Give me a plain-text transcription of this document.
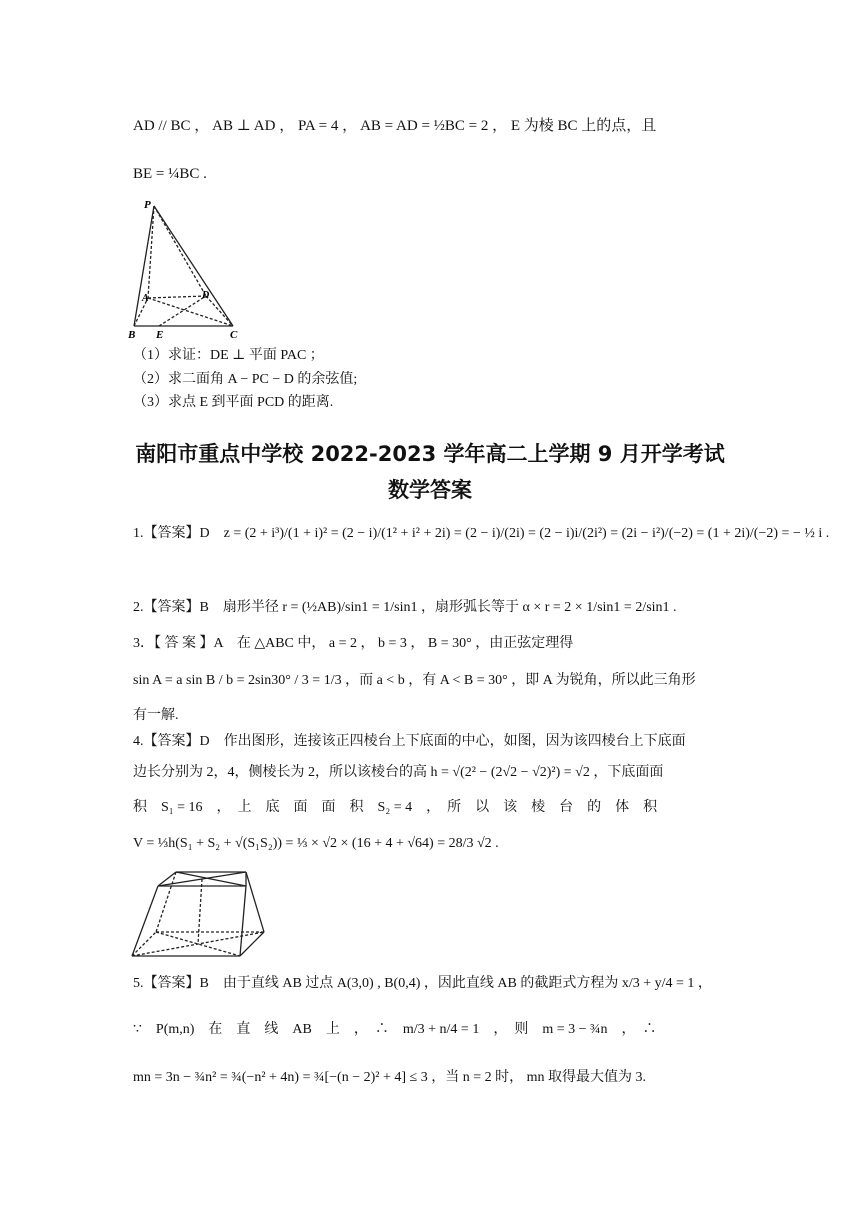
AD // BC ， AB ⊥ AD ， PA = 4 ， AB = AD = ½BC = 2 ， E 为棱 BC 上的点，且
BE = ¼BC .
P
A	D
B E	C
（1）求证：DE ⊥ 平面 PAC ；
（2）求二面角 A − PC − D 的余弦值;
（3）求点 E 到平面 PCD 的距离.
南阳市重点中学校 2022-2023 学年高二上学期 9 月开学考试
数学答案
1.【答案】D　z = (2 + i³)/(1 + i)² = (2 − i)/(1² + i² + 2i) = (2 − i)/(2i) = (2 − i)i/(2i²) = (2i − i²)/(−2) = (1 + 2i)/(−2) = − ½ i .
2.【答案】B　扇形半径 r = (½AB)/sin1 = 1/sin1 ，扇形弧长等于 α × r = 2 × 1/sin1 = 2/sin1 .
3．【 答 案 】A　在 △ABC 中， a = 2 ， b = 3 ， B = 30° ，由正弦定理得
sin A = a sin B / b = 2sin30° / 3 = 1/3 ，而 a < b ，有 A < B = 30° ，即 A 为锐角，所以此三角形
有一解.
4.【答案】D　作出图形，连接该正四棱台上下底面的中心，如图，因为该四棱台上下底面
边长分别为 2，4，侧棱长为 2，所以该棱台的高 h = √(2² − (2√2 − √2)²) = √2 ，下底面面
积　S₁ = 16　，　上　底　面　面　积　S₂ = 4　，　所　以　该　棱　台　的　体　积
V = ⅓h(S₁ + S₂ + √(S₁S₂)) = ⅓ × √2 × (16 + 4 + √64) = 28/3 √2 .
5.【答案】B　由于直线 AB 过点 A(3,0) , B(0,4) ，因此直线 AB 的截距式方程为 x/3 + y/4 = 1 ，
∵　P(m,n)　在　直　线　AB　上　，　∴　m/3 + n/4 = 1　，　则　m = 3 − ¾n　，　∴
mn = 3n − ¾n² = ¾(−n² + 4n) = ¾[−(n − 2)² + 4] ≤ 3 ，当 n = 2 时， mn 取得最大值为 3.
